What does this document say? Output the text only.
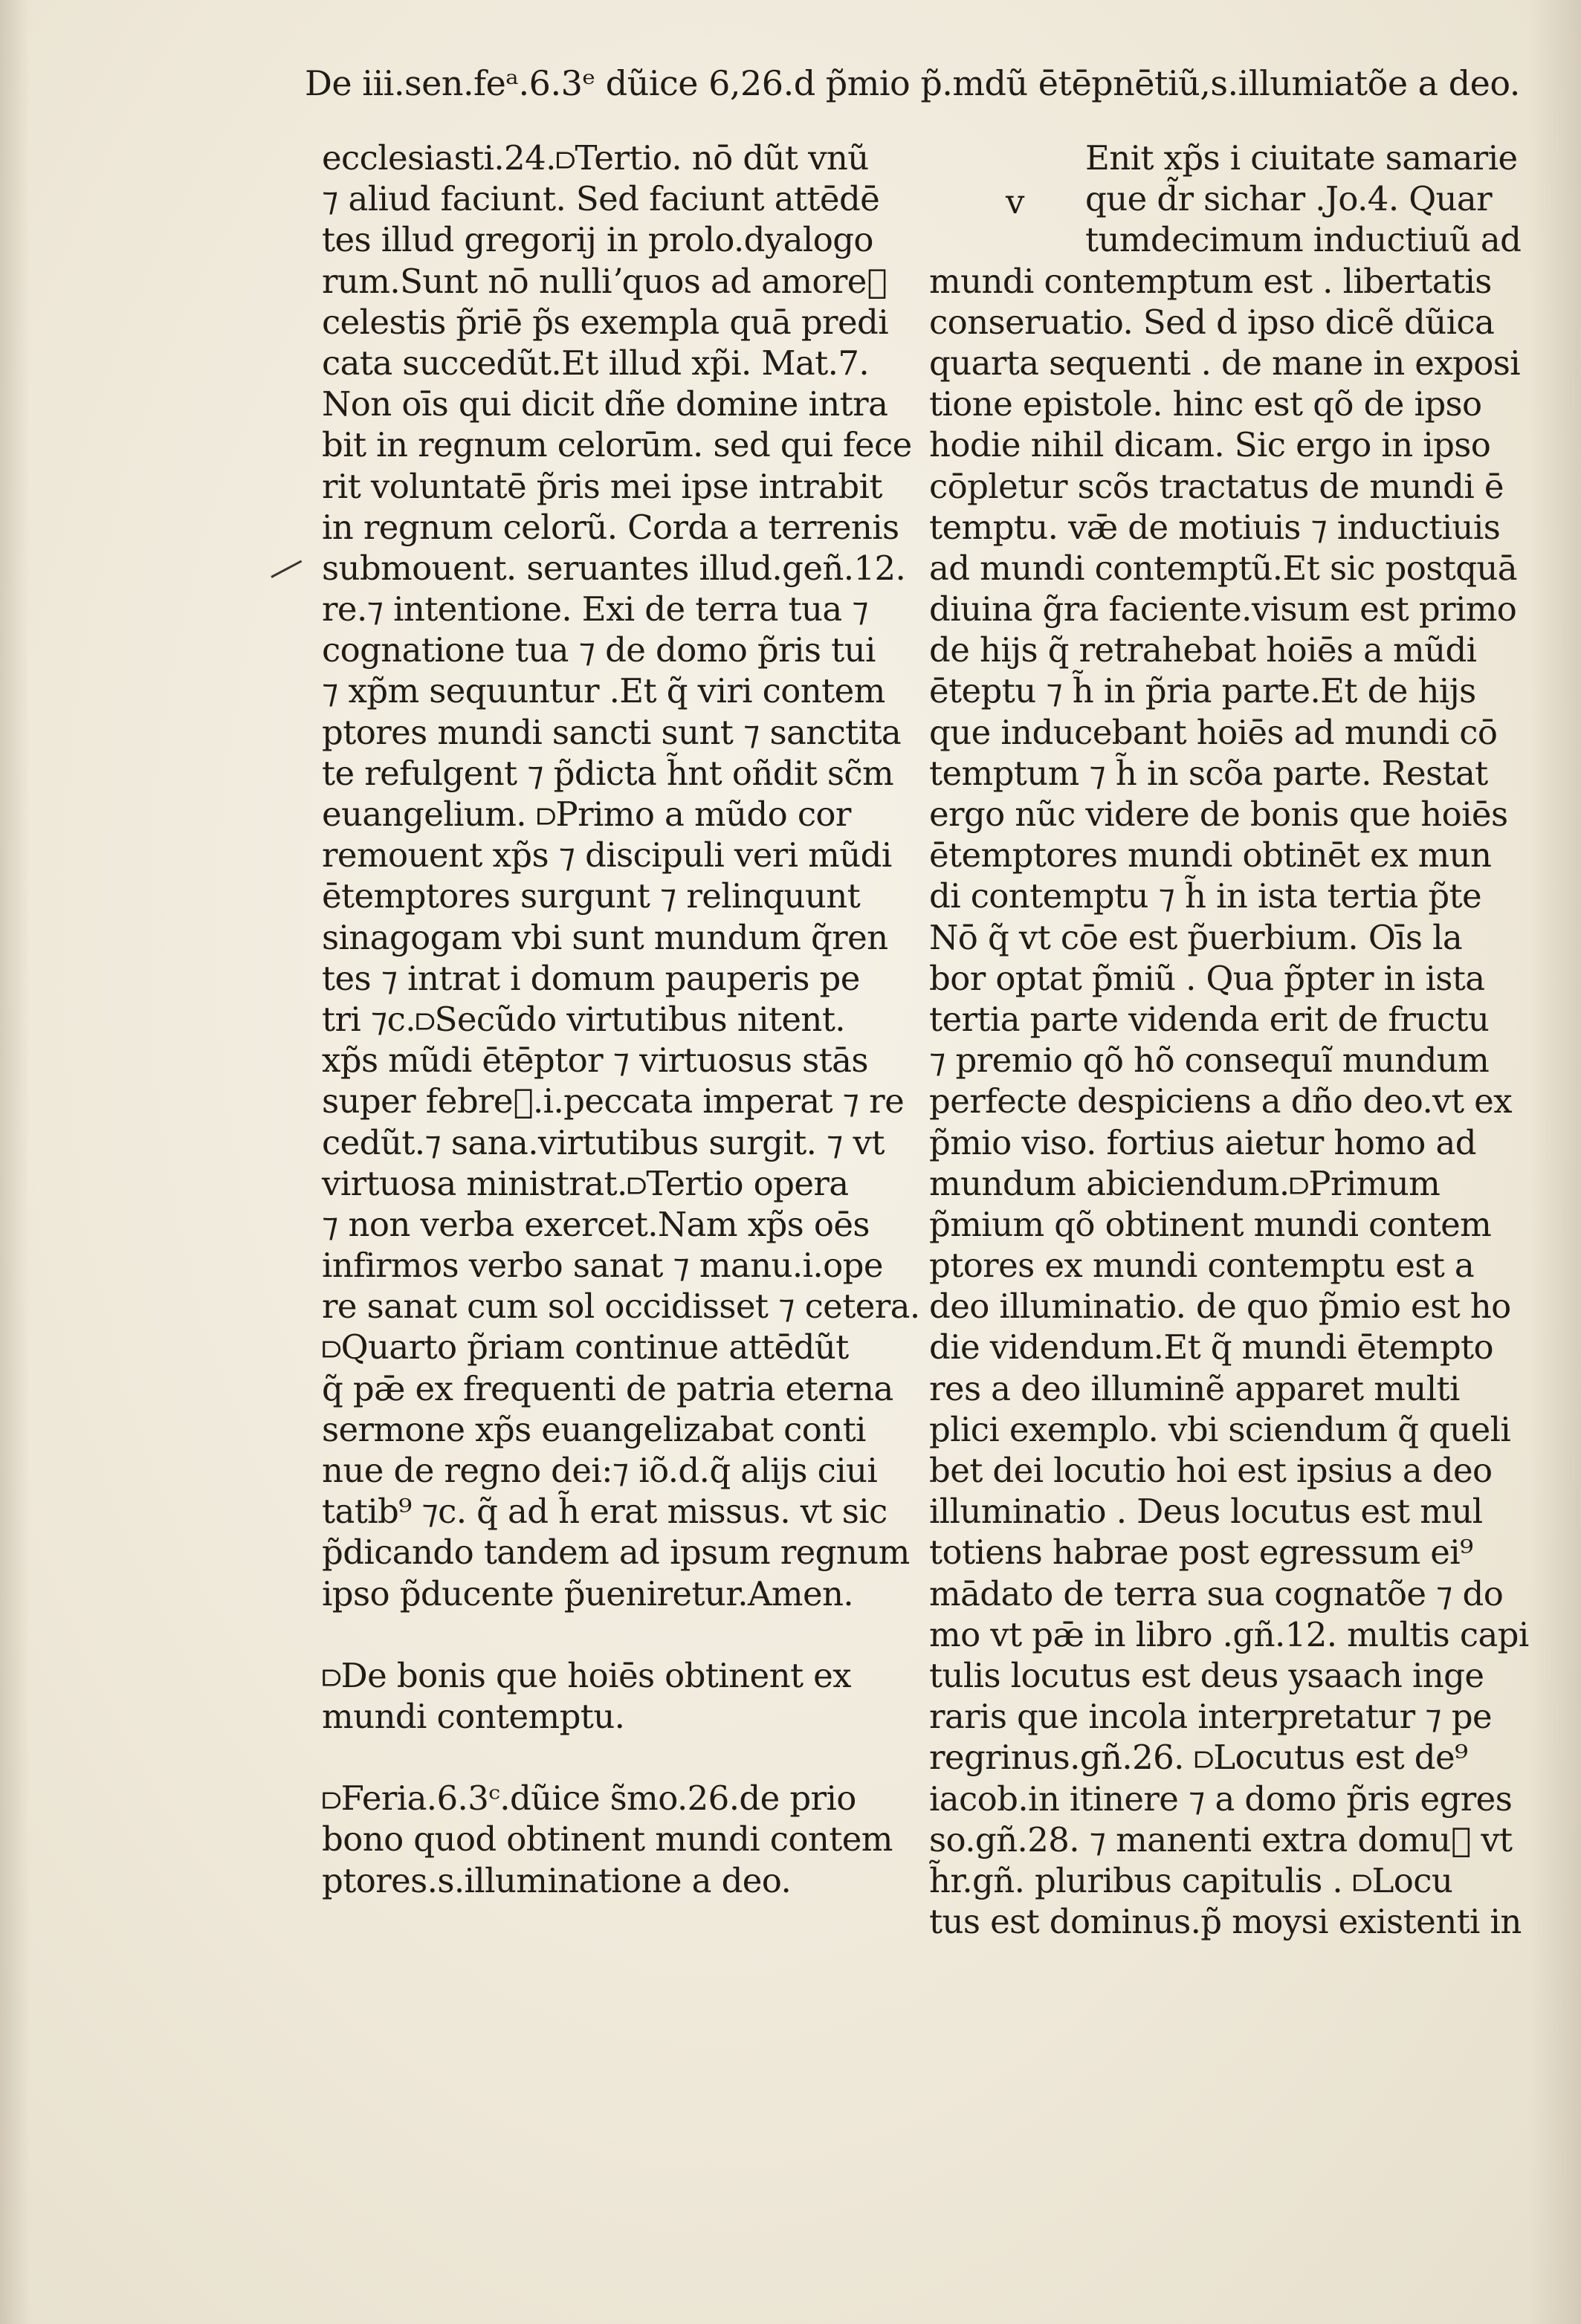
De iii.sen.feᵃ.6.3ᵉ dũice 6,26.d p̃mio p̃.mdũ ētēpnētiũ,s.illumiatõe a deo.
ecclesiasti.24.⫐Tertio. nō dũt vnũ
⁊ aliud faciunt. Sed faciunt attēdē
tes illud gregorij in prolo.dyalogo
rum.Sunt nō nulliʼquos ad amoreᷞ
celestis p̃riē p̃s exempla quā predi
cata succedũt.Et illud xp̃i. Mat.7.
Non oīs qui dicit dñe domine intra
bit in regnum celorūm. sed qui fece
rit voluntatē p̃ris mei ipse intrabit
in regnum celorũ. Corda a terrenis
submouent. seruantes illud.geñ.12.
re.⁊ intentione. Exi de terra tua ⁊
cognatione tua ⁊ de domo p̃ris tui
⁊ xp̃m sequuntur .Et q̃ viri contem
ptores mundi sancti sunt ⁊ sanctita
te refulgent ⁊ p̃dicta h̃nt oñdit sc̃m
euangelium. ⫐Primo a mũdo cor
remouent xp̃s ⁊ discipuli veri mũdi
ētemptores surgunt ⁊ relinquunt
sinagogam vbi sunt mundum q̃ren
tes ⁊ intrat i domum pauperis pe
tri ⁊c.⫐Secũdo virtutibus nitent.
xp̃s mũdi ētēptor ⁊ virtuosus stās
super febreᷞ.i.peccata imperat ⁊ re
cedũt.⁊ sana.virtutibus surgit. ⁊ vt
virtuosa ministrat.⫐Tertio opera
⁊ non verba exercet.Nam xp̃s oēs
infirmos verbo sanat ⁊ manu.i.ope
re sanat cum sol occidisset ⁊ cetera.
⫐Quarto p̃riam continue attēdũt
q̃ pǣ ex frequenti de patria eterna
sermone xp̃s euangelizabat conti
nue de regno dei:⁊ iõ.d.q̃ alijs ciui
tatib⁹ ⁊c. q̃ ad h̃ erat missus. vt sic
p̃dicando tandem ad ipsum regnum
ipso p̃ducente p̃ueniretur.Amen.
⫐De bonis que hoiēs obtinent ex
mundi contemptu.
⫐Feria.6.3ᶜ.dũice s̃mo.26.de prio
bono quod obtinent mundi contem
ptores.s.illuminatione a deo.
v
Enit xp̃s i ciuitate samarie
que d̃r sichar .Jo.4. Quar
tumdecimum inductiuũ ad
mundi contemptum est . libertatis
conseruatio. Sed d ipso dicẽ dũica
quarta sequenti . de mane in exposi
tione epistole. hinc est qõ de ipso
hodie nihil dicam. Sic ergo in ipso
cōpletur scõs tractatus de mundi ē
temptu. vǣ de motiuis ⁊ inductiuis
ad mundi contemptũ.Et sic postquā
diuina g̃ra faciente.visum est primo
de hijs q̃ retrahebat hoiēs a mũdi
ēteptu ⁊ h̃ in p̃ria parte.Et de hijs
que inducebant hoiēs ad mundi cō
temptum ⁊ h̃ in scõa parte. Restat
ergo nũc videre de bonis que hoiēs
ētemptores mundi obtinēt ex mun
di contemptu ⁊ h̃ in ista tertia p̃te
Nō q̃ vt cōe est p̃uerbium. Oīs la
bor optat p̃miũ . Qua p̃pter in ista
tertia parte videnda erit de fructu
⁊ premio qõ hõ consequĩ mundum
perfecte despiciens a dño deo.vt ex
p̃mio viso. fortius aietur homo ad
mundum abiciendum.⫐Primum
p̃mium qõ obtinent mundi contem
ptores ex mundi contemptu est a
deo illuminatio. de quo p̃mio est ho
die videndum.Et q̃ mundi ētempto
res a deo illuminẽ apparet multi
plici exemplo. vbi sciendum q̃ queli
bet dei locutio hoi est ipsius a deo
illuminatio . Deus locutus est mul
totiens habrae post egressum ei⁹
mādato de terra sua cognatõe ⁊ do
mo vt pǣ in libro .gñ.12. multis capi
tulis locutus est deus ysaach inge
raris que incola interpretatur ⁊ pe
regrinus.gñ.26. ⫐Locutus est de⁹
iacob.in itinere ⁊ a domo p̃ris egres
so.gñ.28. ⁊ manenti extra domuᷞ vt
h̃r.gñ. pluribus capitulis . ⫐Locu
tus est dominus.p̃ moysi existenti in
